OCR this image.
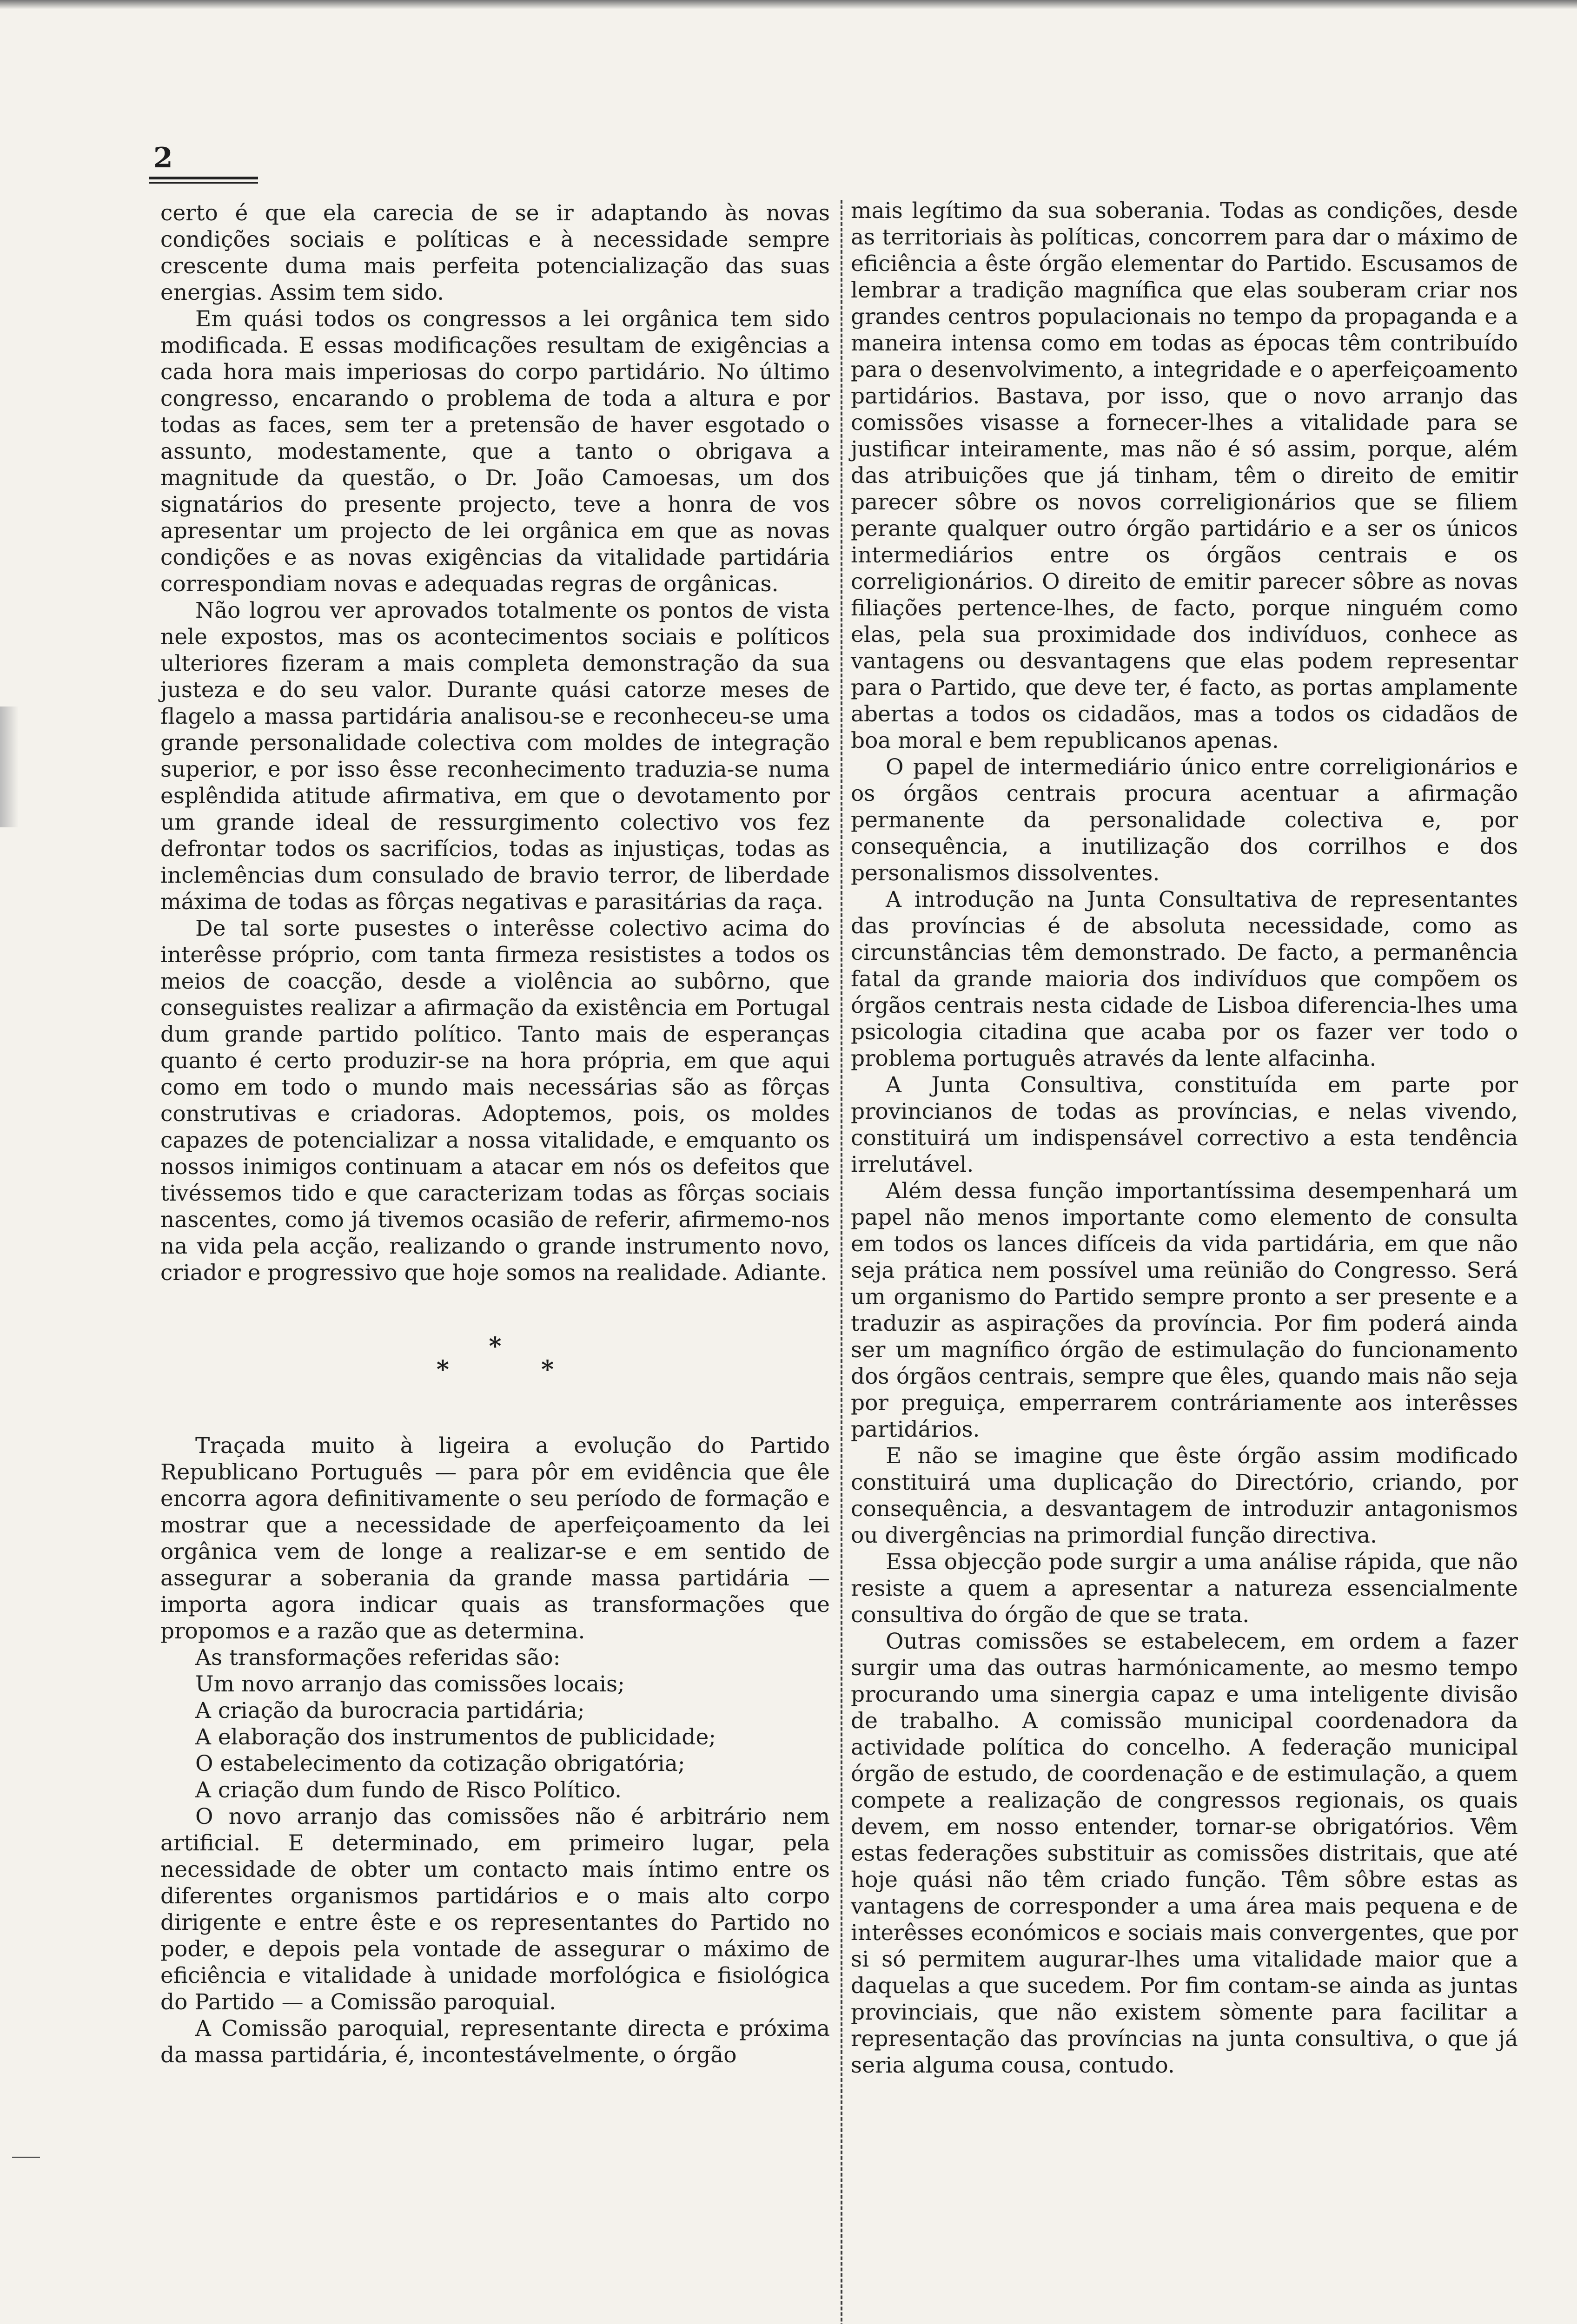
2

certo é que ela carecia de se ir adaptando às novas condições sociais e políticas e à necessidade sempre crescente duma mais perfeita potencialização das suas energias. Assim tem sido.

Em quási todos os congressos a lei orgânica tem sido modificada. E essas modificações resultam de exigências a cada hora mais imperiosas do corpo partidário. No último congresso, encarando o problema de toda a altura e por todas as faces, sem ter a pretensão de haver esgotado o assunto, modestamente, que a tanto o obrigava a magnitude da questão, o Dr. João Camoesas, um dos signatários do presente projecto, teve a honra de vos apresentar um projecto de lei orgânica em que as novas condições e as novas exigências da vitalidade partidária correspondiam novas e adequadas regras de orgânicas.

Não logrou ver aprovados totalmente os pontos de vista nele expostos, mas os acontecimentos sociais e políticos ulteriores fizeram a mais completa demonstração da sua justeza e do seu valor. Durante quási catorze meses de flagelo a massa partidária analisou-se e reconheceu-se uma grande personalidade colectiva com moldes de integração superior, e por isso êsse reconhecimento traduzia-se numa esplêndida atitude afirmativa, em que o devotamento por um grande ideal de ressurgimento colectivo vos fez defrontar todos os sacrifícios, todas as injustiças, todas as inclemências dum consulado de bravio terror, de liberdade máxima de todas as fôrças negativas e parasitárias da raça.

De tal sorte pusestes o interêsse colectivo acima do interêsse próprio, com tanta firmeza resististes a todos os meios de coacção, desde a violência ao subôrno, que conseguistes realizar a afirmação da existência em Portugal dum grande partido político. Tanto mais de esperanças quanto é certo produzir-se na hora própria, em que aqui como em todo o mundo mais necessárias são as fôrças construtivas e criadoras. Adoptemos, pois, os moldes capazes de potencializar a nossa vitalidade, e emquanto os nossos inimigos continuam a atacar em nós os defeitos que tivéssemos tido e que caracterizam todas as fôrças sociais nascentes, como já tivemos ocasião de referir, afirmemo-nos na vida pela acção, realizando o grande instrumento novo, criador e progressivo que hoje somos na realidade. Adiante.

*
* *

Traçada muito à ligeira a evolução do Partido Republicano Português — para pôr em evidência que êle encorra agora definitivamente o seu período de formação e mostrar que a necessidade de aperfeiçoamento da lei orgânica vem de longe a realizar-se e em sentido de assegurar a soberania da grande massa partidária — importa agora indicar quais as transformações que propomos e a razão que as determina.

As transformações referidas são:

Um novo arranjo das comissões locais;

A criação da burocracia partidária;

A elaboração dos instrumentos de publicidade;

O estabelecimento da cotização obrigatória;

A criação dum fundo de Risco Político.

O novo arranjo das comissões não é arbitrário nem artificial. E determinado, em primeiro lugar, pela necessidade de obter um contacto mais íntimo entre os diferentes organismos partidários e o mais alto corpo dirigente e entre êste e os representantes do Partido no poder, e depois pela vontade de assegurar o máximo de eficiência e vitalidade à unidade morfológica e fisiológica do Partido — a Comissão paroquial.

A Comissão paroquial, representante directa e próxima da massa partidária, é, incontestávelmente, o órgão

mais legítimo da sua soberania. Todas as condições, desde as territoriais às políticas, concorrem para dar o máximo de eficiência a êste órgão elementar do Partido. Escusamos de lembrar a tradição magnífica que elas souberam criar nos grandes centros populacionais no tempo da propaganda e a maneira intensa como em todas as épocas têm contribuído para o desenvolvimento, a integridade e o aperfeiçoamento partidários. Bastava, por isso, que o novo arranjo das comissões visasse a fornecer-lhes a vitalidade para se justificar inteiramente, mas não é só assim, porque, além das atribuições que já tinham, têm o direito de emitir parecer sôbre os novos correligionários que se filiem perante qualquer outro órgão partidário e a ser os únicos intermediários entre os órgãos centrais e os correligionários. O direito de emitir parecer sôbre as novas filiações pertence-lhes, de facto, porque ninguém como elas, pela sua proximidade dos indivíduos, conhece as vantagens ou desvantagens que elas podem representar para o Partido, que deve ter, é facto, as portas amplamente abertas a todos os cidadãos, mas a todos os cidadãos de boa moral e bem republicanos apenas.

O papel de intermediário único entre correligionários e os órgãos centrais procura acentuar a afirmação permanente da personalidade colectiva e, por consequência, a inutilização dos corrilhos e dos personalismos dissolventes.

A introdução na Junta Consultativa de representantes das províncias é de absoluta necessidade, como as circunstâncias têm demonstrado. De facto, a permanência fatal da grande maioria dos indivíduos que compõem os órgãos centrais nesta cidade de Lisboa diferencia-lhes uma psicologia citadina que acaba por os fazer ver todo o problema português através da lente alfacinha.

A Junta Consultiva, constituída em parte por provincianos de todas as províncias, e nelas vivendo, constituirá um indispensável correctivo a esta tendência irrelutável.

Além dessa função importantíssima desempenhará um papel não menos importante como elemento de consulta em todos os lances difíceis da vida partidária, em que não seja prática nem possível uma reünião do Congresso. Será um organismo do Partido sempre pronto a ser presente e a traduzir as aspirações da província. Por fim poderá ainda ser um magnífico órgão de estimulação do funcionamento dos órgãos centrais, sempre que êles, quando mais não seja por preguiça, emperrarem contráriamente aos interêsses partidários.

E não se imagine que êste órgão assim modificado constituirá uma duplicação do Directório, criando, por consequência, a desvantagem de introduzir antagonismos ou divergências na primordial função directiva.

Essa objecção pode surgir a uma análise rápida, que não resiste a quem a apresentar a natureza essencialmente consultiva do órgão de que se trata.

Outras comissões se estabelecem, em ordem a fazer surgir uma das outras harmónicamente, ao mesmo tempo procurando uma sinergia capaz e uma inteligente divisão de trabalho. A comissão municipal coordenadora da actividade política do concelho. A federação municipal órgão de estudo, de coordenação e de estimulação, a quem compete a realização de congressos regionais, os quais devem, em nosso entender, tornar-se obrigatórios. Vêm estas federações substituir as comissões distritais, que até hoje quási não têm criado função. Têm sôbre estas as vantagens de corresponder a uma área mais pequena e de interêsses económicos e sociais mais convergentes, que por si só permitem augurar-lhes uma vitalidade maior que a daquelas a que sucedem. Por fim contam-se ainda as juntas provinciais, que não existem sòmente para facilitar a representação das províncias na junta consultiva, o que já seria alguma cousa, contudo.
